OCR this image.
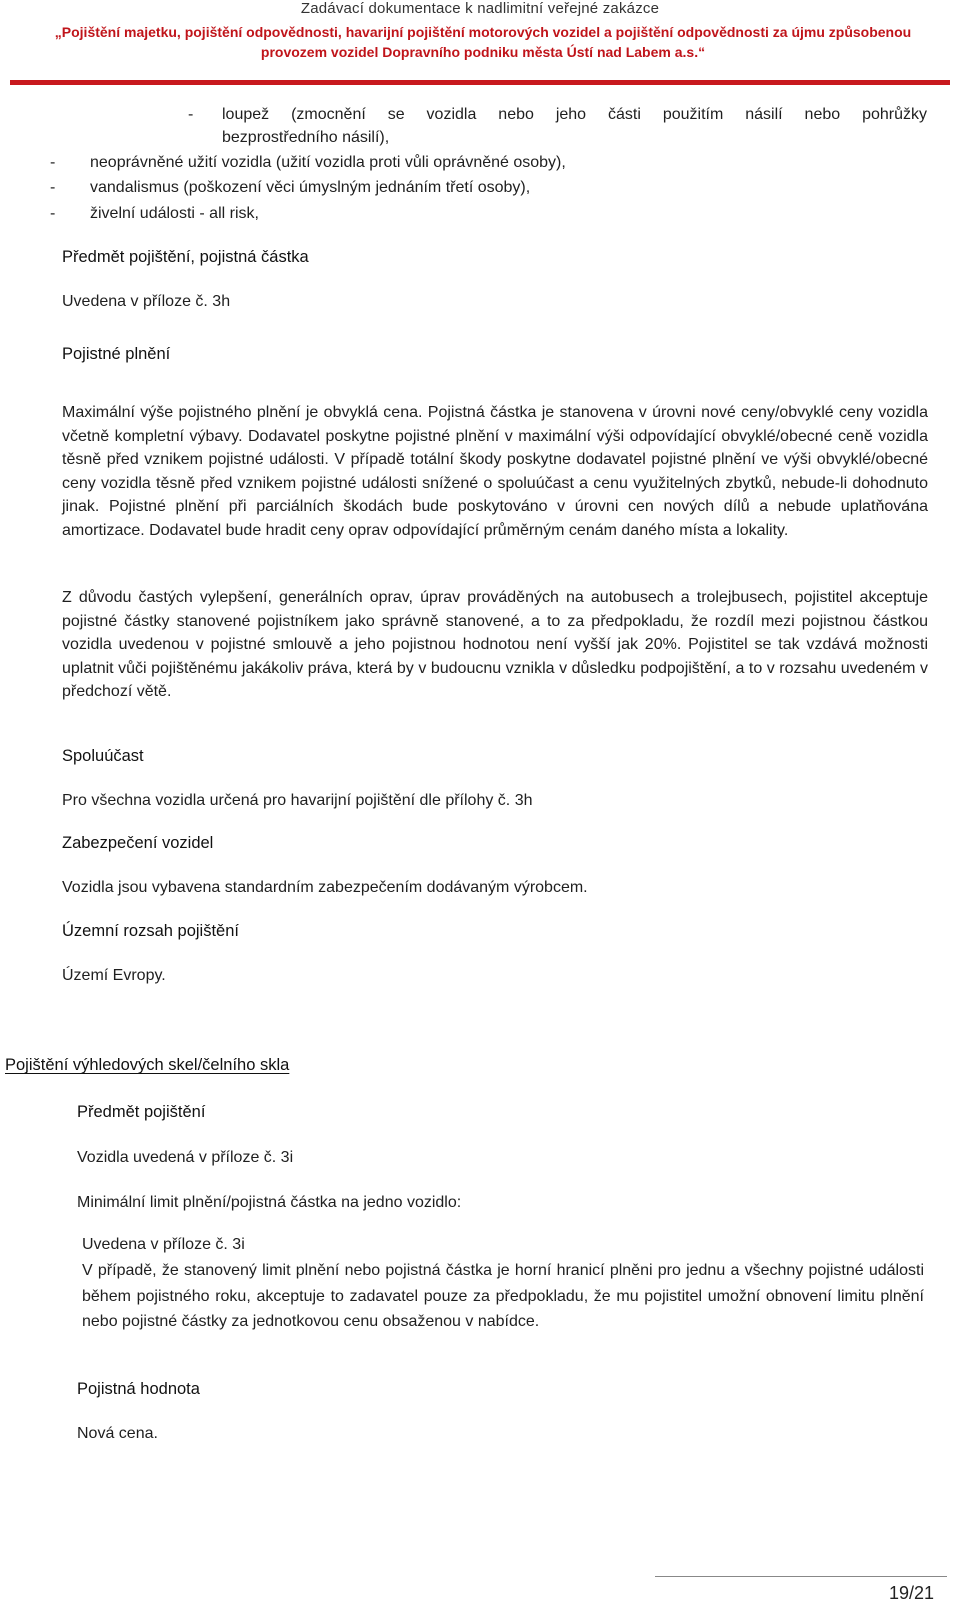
Zadávací dokumentace k nadlimitní veřejné zakázce
„Pojištění majetku, pojištění odpovědnosti, havarijní pojištění motorových vozidel a pojištění odpovědnosti za újmu způsobenou
provozem vozidel Dopravního podniku města Ústí nad Labem a.s.“
- loupež (zmocnění se vozidla nebo jeho části použitím násilí nebo pohrůžky
bezprostředního násilí),
- neoprávněné užití vozidla (užití vozidla proti vůli oprávněné osoby),
- vandalismus (poškození věci úmyslným jednáním třetí osoby),
- živelní události - all risk,
Předmět pojištění, pojistná částka
Uvedena v příloze č. 3h
Pojistné plnění
Maximální výše pojistného plnění je obvyklá cena. Pojistná částka je stanovena v úrovni nové ceny/obvyklé ceny vozidla včetně kompletní výbavy. Dodavatel poskytne pojistné plnění v maximální výši odpovídající obvyklé/obecné ceně vozidla těsně před vznikem pojistné události. V případě totální škody poskytne dodavatel pojistné plnění ve výši obvyklé/obecné ceny vozidla těsně před vznikem pojistné události snížené o spoluúčast a cenu využitelných zbytků, nebude-li dohodnuto jinak. Pojistné plnění při parciálních škodách bude poskytováno v úrovni cen nových dílů a nebude uplatňována amortizace. Dodavatel bude hradit ceny oprav odpovídající průměrným cenám daného místa a lokality.
Z důvodu častých vylepšení, generálních oprav, úprav prováděných na autobusech a trolejbusech, pojistitel akceptuje pojistné částky stanovené pojistníkem jako správně stanovené, a to za předpokladu, že rozdíl mezi pojistnou částkou vozidla uvedenou v pojistné smlouvě a jeho pojistnou hodnotou není vyšší jak 20%. Pojistitel se tak vzdává možnosti uplatnit vůči pojištěnému jakákoliv práva, která by v budoucnu vznikla v důsledku podpojištění, a to v rozsahu uvedeném v předchozí větě.
Spoluúčast
Pro všechna vozidla určená pro havarijní pojištění dle přílohy č. 3h
Zabezpečení vozidel
Vozidla jsou vybavena standardním zabezpečením dodávaným výrobcem.
Územní rozsah pojištění
Území Evropy.
Pojištění výhledových skel/čelního skla
Předmět pojištění
Vozidla uvedená v příloze č. 3i
Minimální limit plnění/pojistná částka na jedno vozidlo:
Uvedena v příloze č. 3i
V případě, že stanovený limit plnění nebo pojistná částka je horní hranicí plněni pro jednu a všechny pojistné události během pojistného roku, akceptuje to zadavatel pouze za předpokladu, že mu pojistitel umožní obnovení limitu plnění nebo pojistné částky za jednotkovou cenu obsaženou v nabídce.
Pojistná hodnota
Nová cena.
19/21
